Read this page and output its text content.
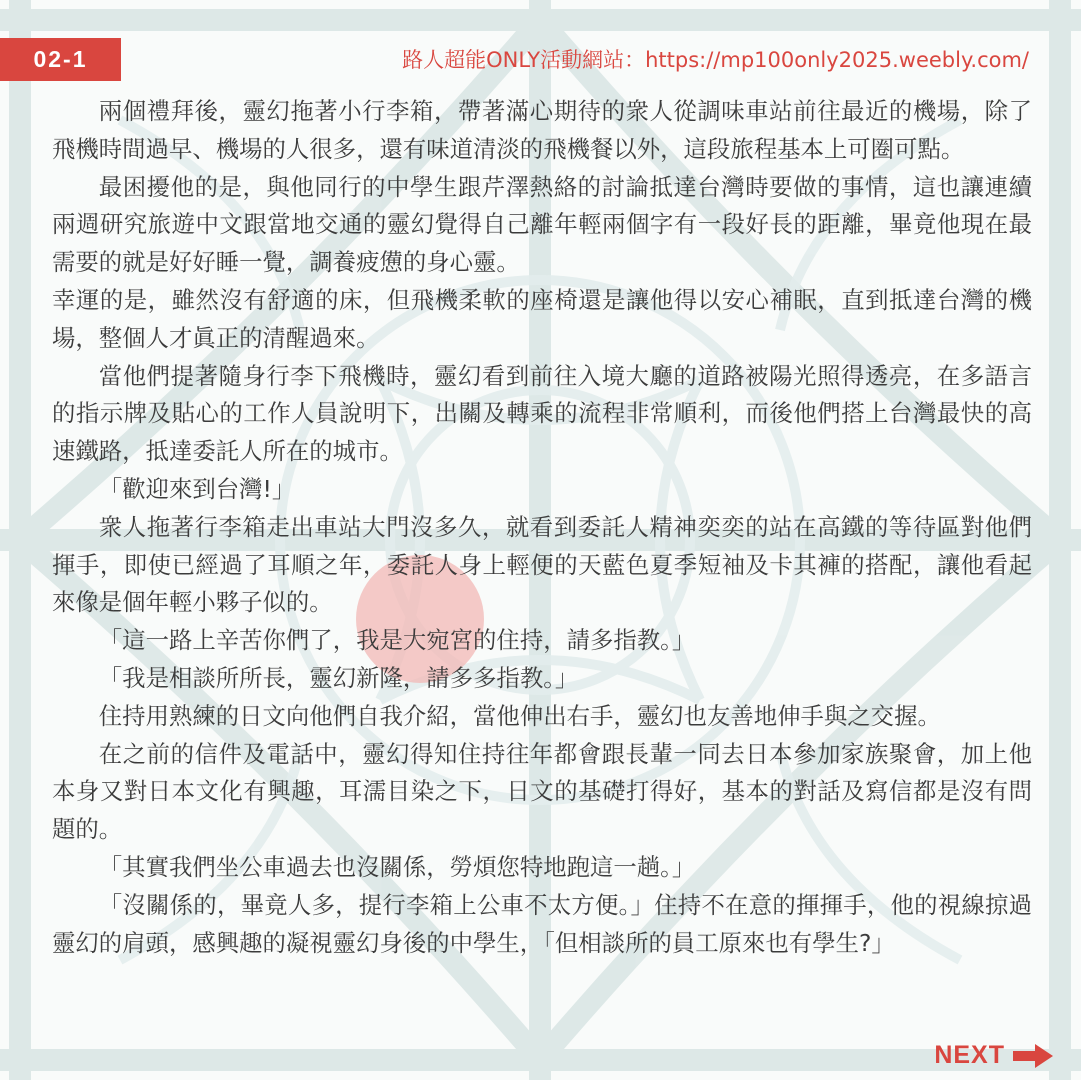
02-1	路人超能ONLY活動網站：https://mp100only2025.weebly.com/

兩個禮拜後，靈幻拖著小行李箱，帶著滿心期待的衆人從調味車站前往最近的機場，除了飛機時間過早、機場的人很多，還有味道清淡的飛機餐以外，這段旅程基本上可圈可點。

最困擾他的是，與他同行的中學生跟芹澤熱絡的討論抵達台灣時要做的事情，這也讓連續兩週研究旅遊中文跟當地交通的靈幻覺得自己離年輕兩個字有一段好長的距離，畢竟他現在最需要的就是好好睡一覺，調養疲憊的身心靈。

幸運的是，雖然沒有舒適的床，但飛機柔軟的座椅還是讓他得以安心補眠，直到抵達台灣的機場，整個人才眞正的清醒過來。

當他們提著隨身行李下飛機時，靈幻看到前往入境大廳的道路被陽光照得透亮，在多語言的指示牌及貼心的工作人員說明下，出關及轉乘的流程非常順利，而後他們搭上台灣最快的高速鐵路，抵達委託人所在的城市。

「歡迎來到台灣!」

衆人拖著行李箱走出車站大門沒多久，就看到委託人精神奕奕的站在高鐵的等待區對他們揮手，即使已經過了耳順之年，委託人身上輕便的天藍色夏季短袖及卡其褲的搭配，讓他看起來像是個年輕小夥子似的。

「這一路上辛苦你們了，我是大宛宮的住持，請多指教。」

「我是相談所所長，靈幻新隆，請多多指教。」

住持用熟練的日文向他們自我介紹，當他伸出右手，靈幻也友善地伸手與之交握。

在之前的信件及電話中，靈幻得知住持往年都會跟長輩一同去日本參加家族聚會，加上他本身又對日本文化有興趣，耳濡目染之下，日文的基礎打得好，基本的對話及寫信都是沒有問題的。

「其實我們坐公車過去也沒關係，勞煩您特地跑這一趟。」

「沒關係的，畢竟人多，提行李箱上公車不太方便。」住持不在意的揮揮手，他的視線掠過靈幻的肩頭，感興趣的凝視靈幻身後的中學生，「但相談所的員工原來也有學生?」

NEXT
